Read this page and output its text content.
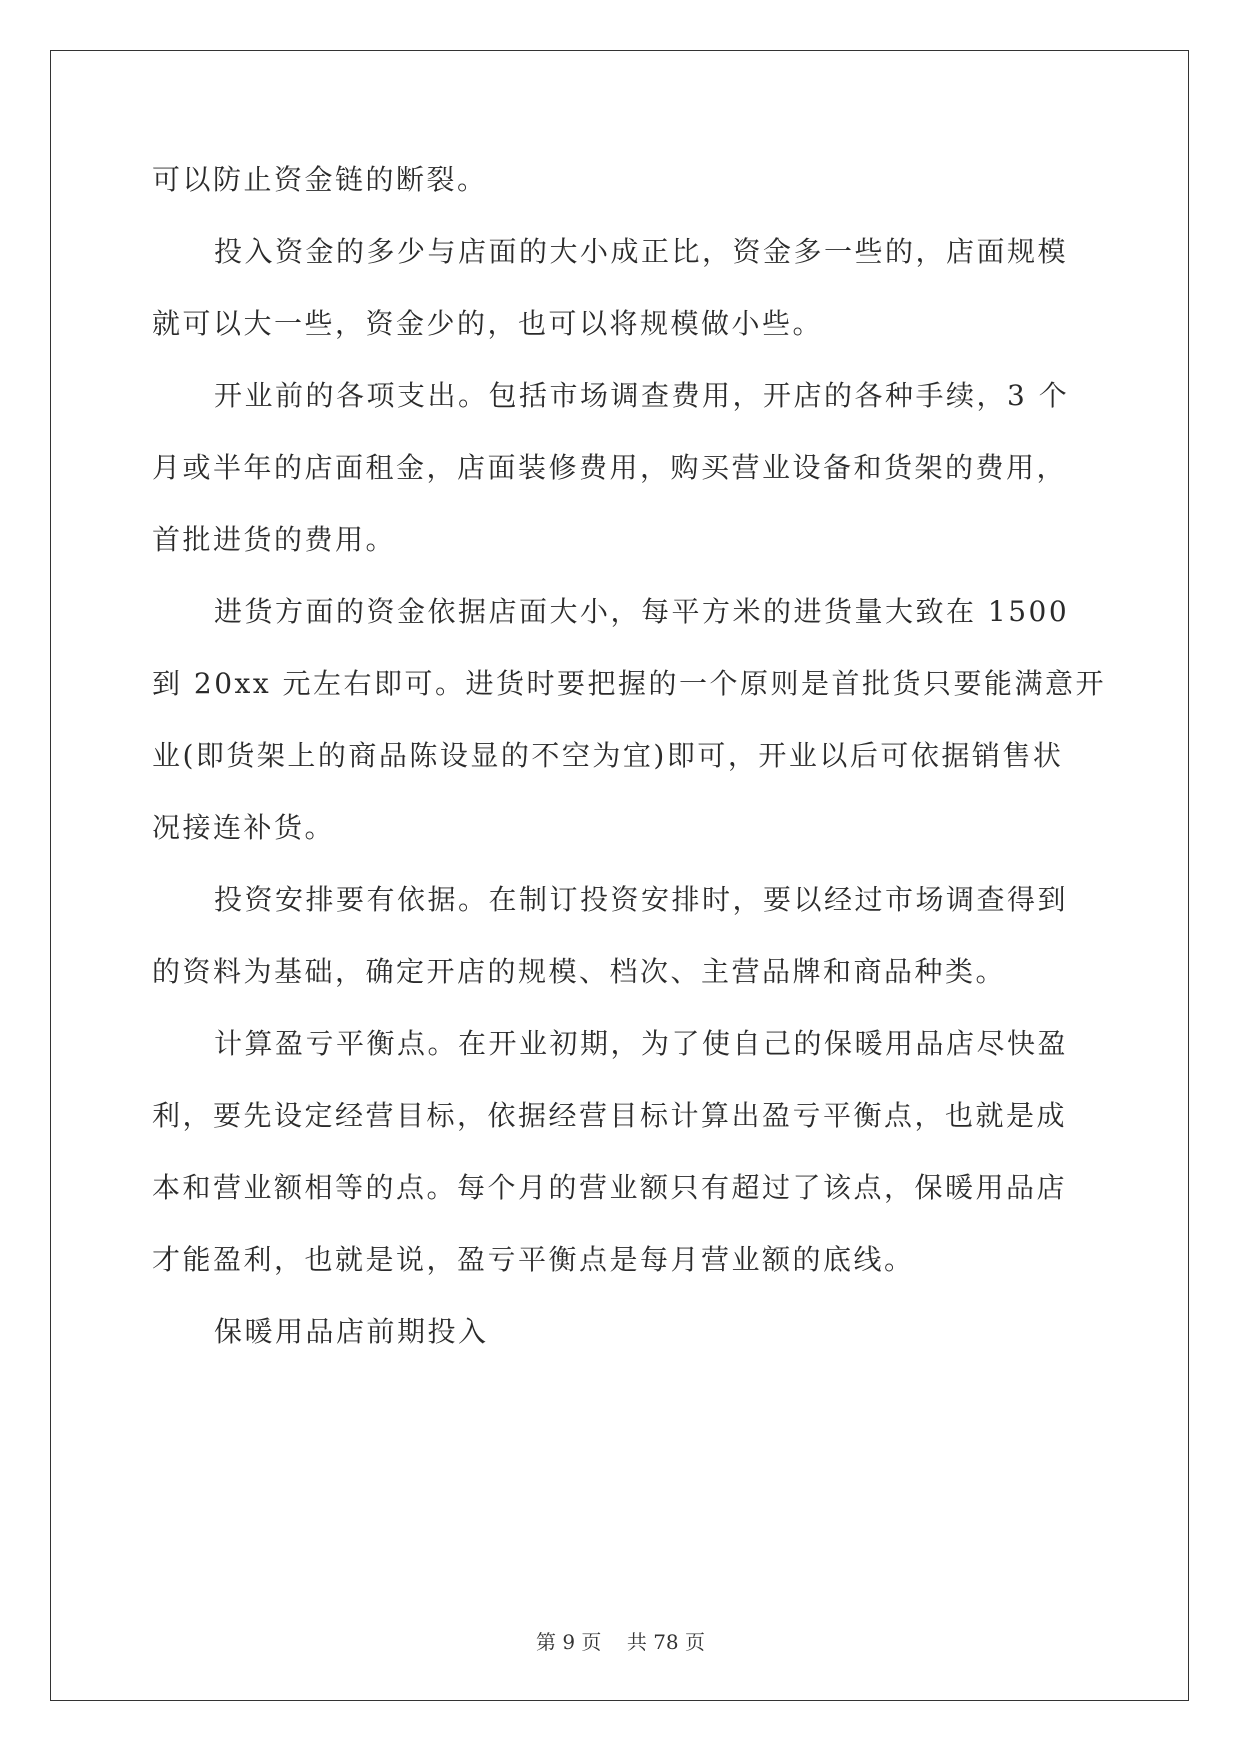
可以防止资金链的断裂。
投入资金的多少与店面的大小成正比，资金多一些的，店面规模
就可以大一些，资金少的，也可以将规模做小些。
开业前的各项支出。包括市场调查费用，开店的各种手续，3 个
月或半年的店面租金，店面装修费用，购买营业设备和货架的费用，
首批进货的费用。
进货方面的资金依据店面大小，每平方米的进货量大致在 1500
到 20xx 元左右即可。进货时要把握的一个原则是首批货只要能满意开
业(即货架上的商品陈设显的不空为宜)即可，开业以后可依据销售状
况接连补货。
投资安排要有依据。在制订投资安排时，要以经过市场调查得到
的资料为基础，确定开店的规模、档次、主营品牌和商品种类。
计算盈亏平衡点。在开业初期，为了使自己的保暖用品店尽快盈
利，要先设定经营目标，依据经营目标计算出盈亏平衡点，也就是成
本和营业额相等的点。每个月的营业额只有超过了该点，保暖用品店
才能盈利，也就是说，盈亏平衡点是每月营业额的底线。
保暖用品店前期投入
第 9 页    共 78 页
